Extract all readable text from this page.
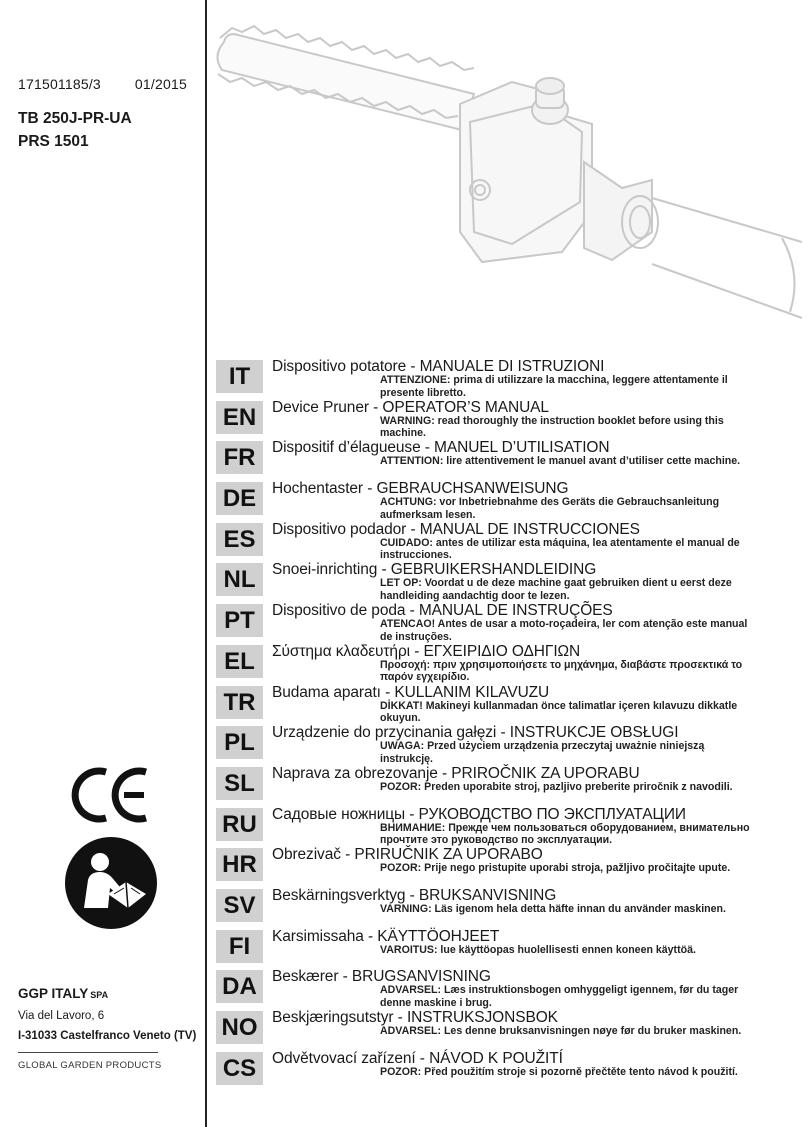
171501185/3 01/2015
TB 250J-PR-UA
PRS 1501
IT	Dispositivo potatore - MANUALE DI ISTRUZIONI
ATTENZIONE: prima di utilizzare la macchina, leggere attentamente il presente libretto.
EN	Device Pruner - OPERATOR’S MANUAL
WARNING: read thoroughly the instruction booklet before using this machine.
FR	Dispositif d’élagueuse - MANUEL D’UTILISATION
ATTENTION: lire attentivement le manuel avant d’utiliser cette machine.
DE	Hochentaster - GEBRAUCHSANWEISUNG
ACHTUNG: vor Inbetriebnahme des Geräts die Gebrauchsanleitung aufmerksam lesen.
ES	Dispositivo podador - MANUAL DE INSTRUCCIONES
CUIDADO: antes de utilizar esta máquina, lea atentamente el manual de instrucciones.
NL	Snoei-inrichting - GEBRUIKERSHANDLEIDING
LET OP: Voordat u de deze machine gaat gebruiken dient u eerst deze handleiding aandachtig door te lezen.
PT	Dispositivo de poda - MANUAL DE INSTRUÇÕES
ATENCAO! Antes de usar a moto-roçadeira, ler com atenção este manual de instruções.
EL	Σύστημα κλαδευτήρι - ΕΓΧΕΙΡΙΔΙΟ ΟΔΗΓΙΩΝ
Προσοχή: πριν χρησιμοποιήσετε το μηχάνημα, διαβάστε προσεκτικά το παρόν εγχειρίδιο.
TR	Budama aparatı - KULLANIM KILAVUZU
DİKKAT! Makineyi kullanmadan önce talimatlar içeren kılavuzu dikkatle okuyun.
PL	Urządzenie do przycinania gałęzi - INSTRUKCJE OBSŁUGI
UWAGA: Przed użyciem urządzenia przeczytaj uważnie niniejszą instrukcję.
SL	Naprava za obrezovanje - PRIROČNIK ZA UPORABU
POZOR: Preden uporabite stroj, pazljivo preberite priročnik z navodili.
RU Садовые ножницы - РУКОВОДСТВО ПО ЭКСПЛУАТАЦИИ
ВНИМАНИЕ: Прежде чем пользоваться оборудованием, внимательно прочтите это руководство по эксплуатации.
HR Obrezivač - PRIRUČNIK ZA UPORABO
POZOR: Prije nego pristupite uporabi stroja, pažljivo pročitajte upute.
SV	Beskärningsverktyg - BRUKSANVISNING
VARNING: Läs igenom hela detta häfte innan du använder maskinen.
FI	Karsimissaha - KÄYTTÖOHJEET
VAROITUS: lue käyttöopas huolellisesti ennen koneen käyttöä.
DA Beskærer - BRUGSANVISNING
ADVARSEL: Læs instruktionsbogen omhyggeligt igennem, før du tager denne maskine i brug.
NO Beskjæringsutstyr - INSTRUKSJONSBOK
ADVARSEL: Les denne bruksanvisningen nøye før du bruker maskinen.
CS	Odvětvovací zařízení - NÁVOD K POUŽITÍ
POZOR: Před použitím stroje si pozorně přečtěte tento návod k použití.
GGP ITALY SPA
Via del Lavoro, 6
I-31033 Castelfranco Veneto (TV)
GLOBAL GARDEN PRODUCTS
